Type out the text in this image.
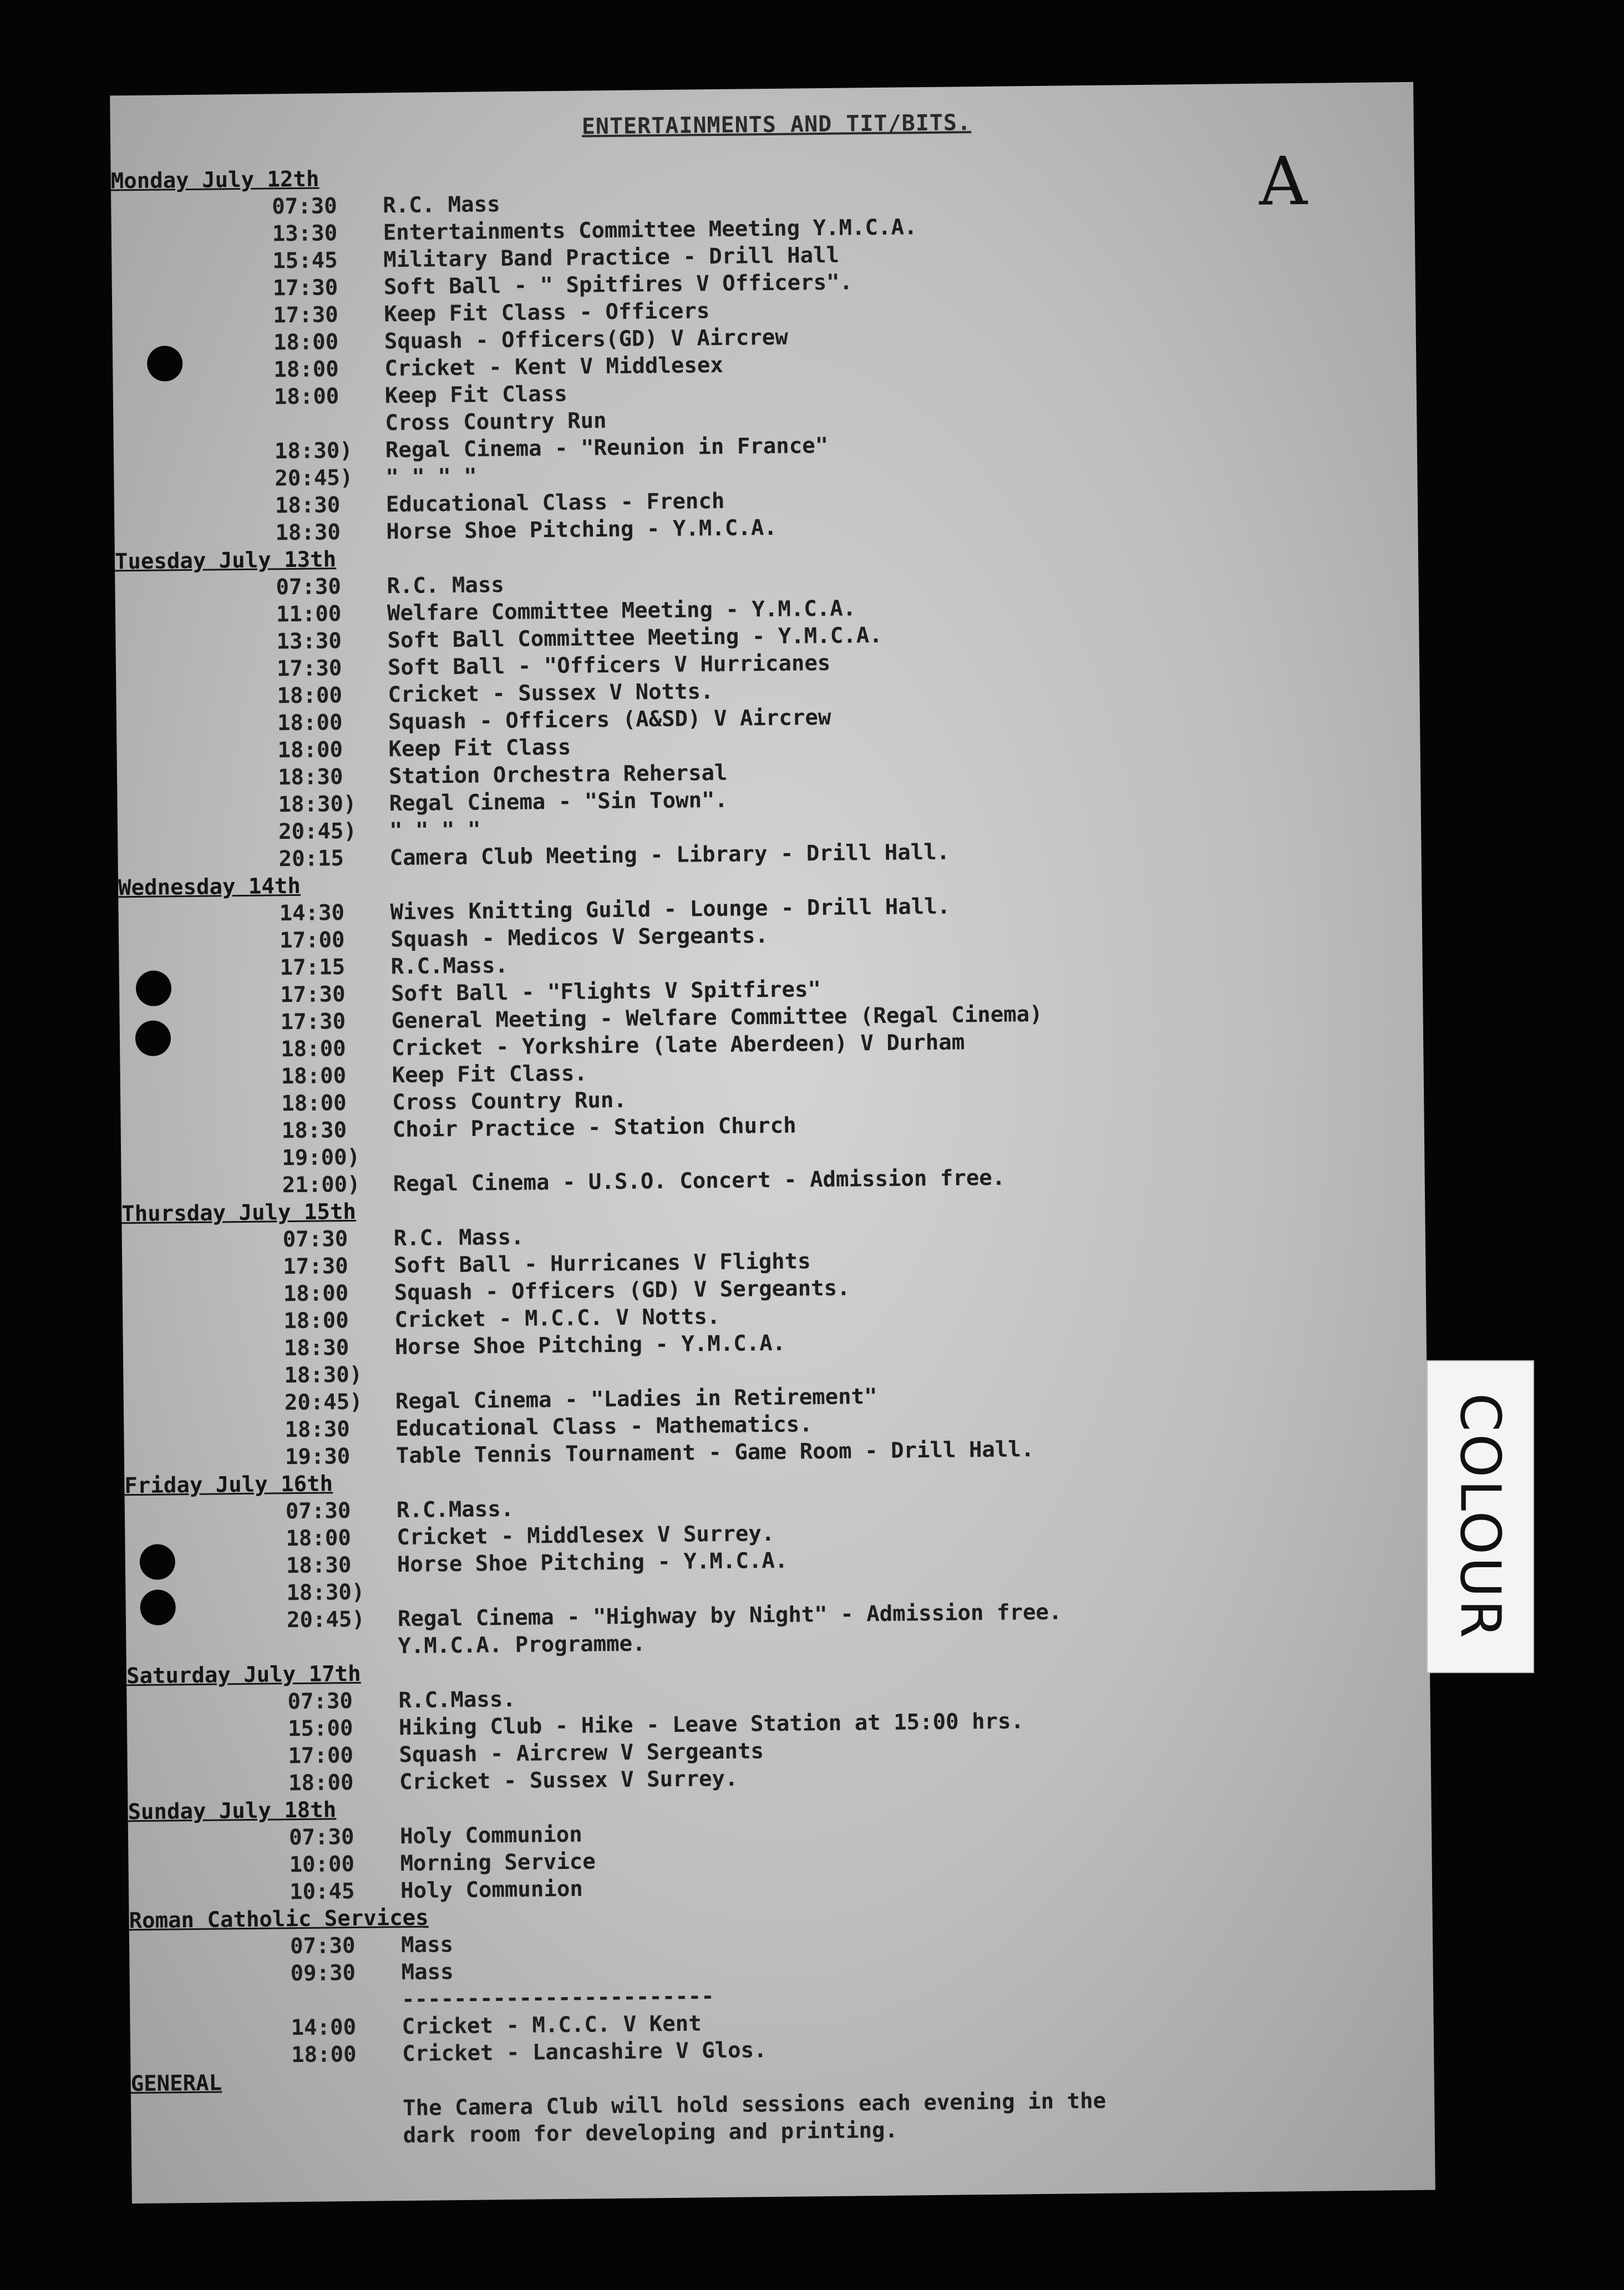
ENTERTAINMENTS AND TIT/BITS.
A
Monday July 12th
07:30 R.C. Mass
13:30 Entertainments Committee Meeting Y.M.C.A.
15:45 Military Band Practice - Drill Hall
17:30 Soft Ball - " Spitfires V Officers".
17:30 Keep Fit Class - Officers
18:00 Squash - Officers(GD) V Aircrew
18:00 Cricket - Kent V Middlesex
18:00 Keep Fit Class
Cross Country Run
18:30) Regal Cinema - "Reunion in France"
20:45) " " " "
18:30 Educational Class - French
18:30 Horse Shoe Pitching - Y.M.C.A.
Tuesday July 13th
07:30 R.C. Mass
11:00 Welfare Committee Meeting - Y.M.C.A.
13:30 Soft Ball Committee Meeting - Y.M.C.A.
17:30 Soft Ball - "Officers V Hurricanes
18:00 Cricket - Sussex V Notts.
18:00 Squash - Officers (A&SD) V Aircrew
18:00 Keep Fit Class
18:30 Station Orchestra Rehersal
18:30) Regal Cinema - "Sin Town".
20:45) " " " "
20:15 Camera Club Meeting - Library - Drill Hall.
Wednesday 14th
14:30 Wives Knitting Guild - Lounge - Drill Hall.
17:00 Squash - Medicos V Sergeants.
17:15 R.C.Mass.
17:30 Soft Ball - "Flights V Spitfires"
17:30 General Meeting - Welfare Committee (Regal Cinema)
18:00 Cricket - Yorkshire (late Aberdeen) V Durham
18:00 Keep Fit Class.
18:00 Cross Country Run.
18:30 Choir Practice - Station Church
19:00)
21:00) Regal Cinema - U.S.O. Concert - Admission free.
Thursday July 15th
07:30 R.C. Mass.
17:30 Soft Ball - Hurricanes V Flights
18:00 Squash - Officers (GD) V Sergeants.
18:00 Cricket - M.C.C. V Notts.
18:30 Horse Shoe Pitching - Y.M.C.A.
18:30)
20:45) Regal Cinema - "Ladies in Retirement"
18:30 Educational Class - Mathematics.
19:30 Table Tennis Tournament - Game Room - Drill Hall.
Friday July 16th
07:30 R.C.Mass.
18:00 Cricket - Middlesex V Surrey.
18:30 Horse Shoe Pitching - Y.M.C.A.
18:30)
20:45) Regal Cinema - "Highway by Night" - Admission free.
Y.M.C.A. Programme.
Saturday July 17th
07:30 R.C.Mass.
15:00 Hiking Club - Hike - Leave Station at 15:00 hrs.
17:00 Squash - Aircrew V Sergeants
18:00 Cricket - Sussex V Surrey.
Sunday July 18th
07:30 Holy Communion
10:00 Morning Service
10:45 Holy Communion
Roman Catholic Services
07:30 Mass
09:30 Mass
------------------------
14:00 Cricket - M.C.C. V Kent
18:00 Cricket - Lancashire V Glos.
GENERAL
The Camera Club will hold sessions each evening in the
dark room for developing and printing.
COLOUR
